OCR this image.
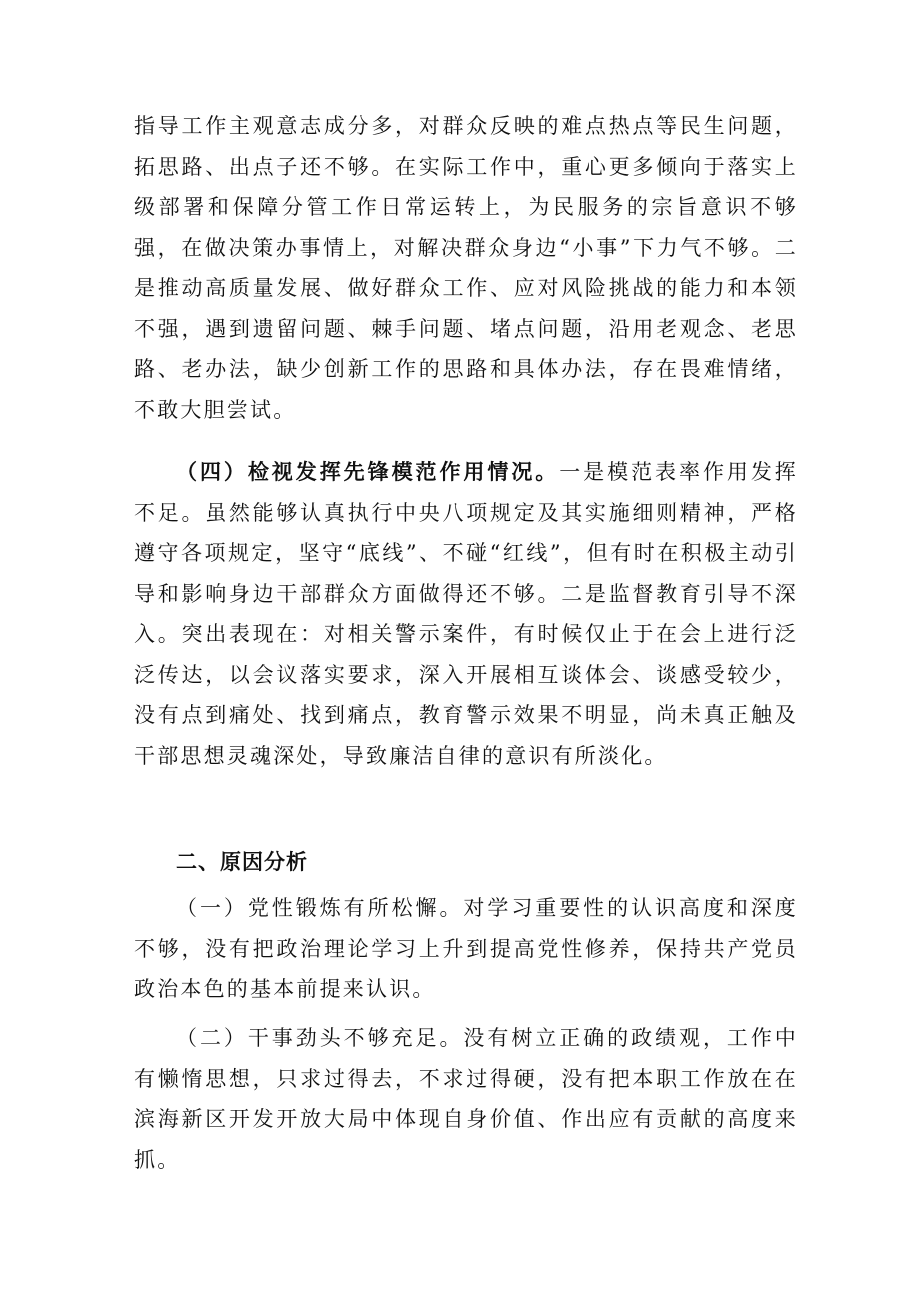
指导工作主观意志成分多，对群众反映的难点热点等民生问题，拓思路、出点子还不够。在实际工作中，重心更多倾向于落实上级部署和保障分管工作日常运转上，为民服务的宗旨意识不够强，在做决策办事情上，对解决群众身边“小事”下力气不够。二是推动高质量发展、做好群众工作、应对风险挑战的能力和本领不强，遇到遗留问题、棘手问题、堵点问题，沿用老观念、老思路、老办法，缺少创新工作的思路和具体办法，存在畏难情绪，不敢大胆尝试。

（四）检视发挥先锋模范作用情况。一是模范表率作用发挥不足。虽然能够认真执行中央八项规定及其实施细则精神，严格遵守各项规定，坚守“底线”、不碰“红线”，但有时在积极主动引导和影响身边干部群众方面做得还不够。二是监督教育引导不深入。突出表现在：对相关警示案件，有时候仅止于在会上进行泛泛传达，以会议落实要求，深入开展相互谈体会、谈感受较少，没有点到痛处、找到痛点，教育警示效果不明显，尚未真正触及干部思想灵魂深处，导致廉洁自律的意识有所淡化。

二、原因分析

（一）党性锻炼有所松懈。对学习重要性的认识高度和深度不够，没有把政治理论学习上升到提高党性修养，保持共产党员政治本色的基本前提来认识。

（二）干事劲头不够充足。没有树立正确的政绩观，工作中有懒惰思想，只求过得去，不求过得硬，没有把本职工作放在在滨海新区开发开放大局中体现自身价值、作出应有贡献的高度来抓。
